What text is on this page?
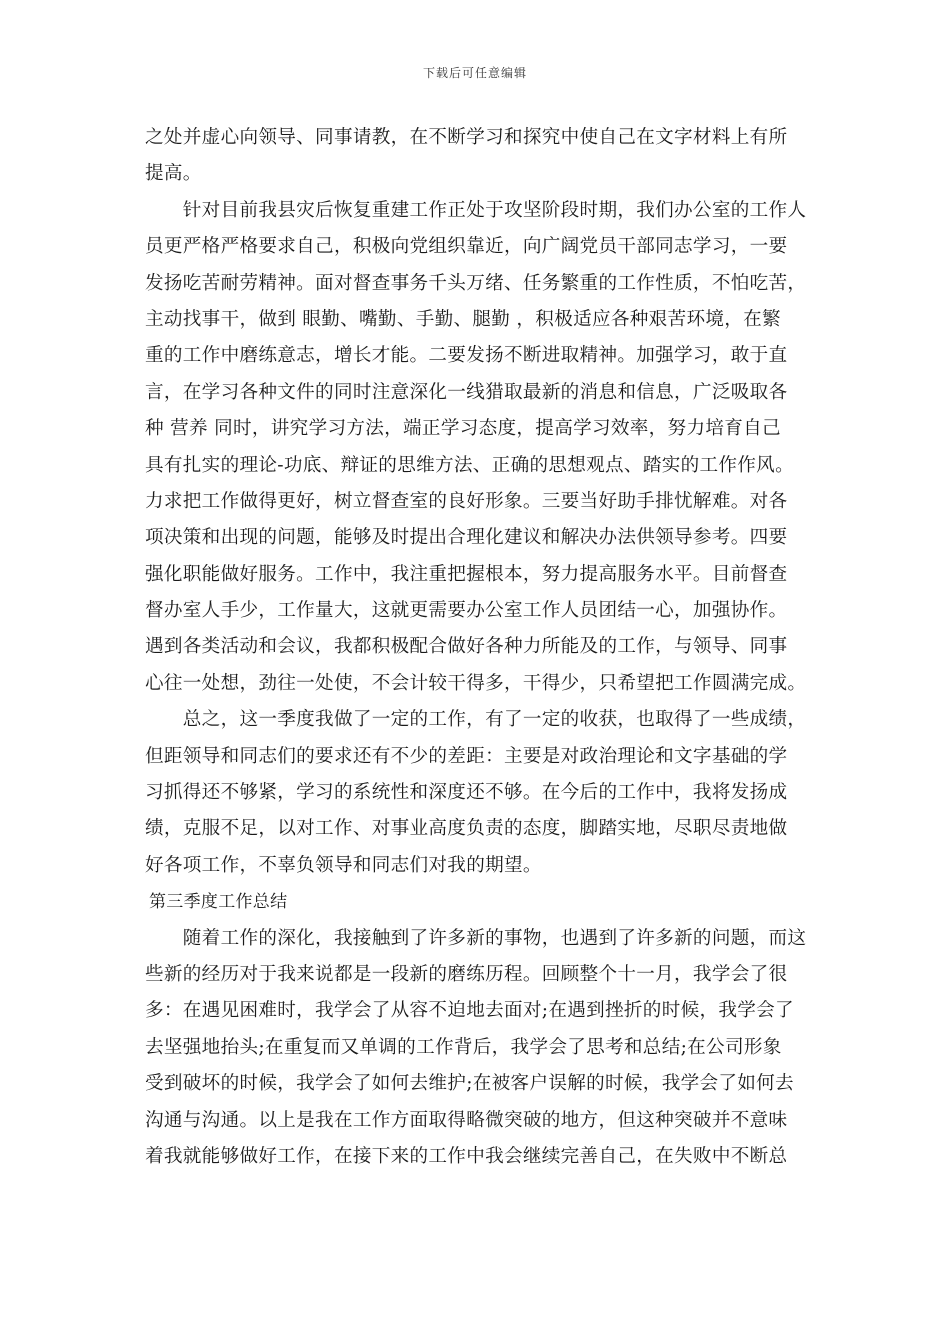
下载后可任意编辑
之处并虚心向领导、同事请教，在不断学习和探究中使自己在文字材料上有所
提高。
　　针对目前我县灾后恢复重建工作正处于攻坚阶段时期，我们办公室的工作人
员更严格严格要求自己，积极向党组织靠近，向广阔党员干部同志学习，一要
发扬吃苦耐劳精神。面对督查事务千头万绪、任务繁重的工作性质，不怕吃苦，
主动找事干，做到 眼勤、嘴勤、手勤、腿勤 ，积极适应各种艰苦环境，在繁
重的工作中磨练意志，增长才能。二要发扬不断进取精神。加强学习，敢于直
言，在学习各种文件的同时注意深化一线猎取最新的消息和信息，广泛吸取各
种 营养 同时，讲究学习方法，端正学习态度，提高学习效率，努力培育自己
具有扎实的理论-功底、辩证的思维方法、正确的思想观点、踏实的工作作风。
力求把工作做得更好，树立督查室的良好形象。三要当好助手排忧解难。对各
项决策和出现的问题，能够及时提出合理化建议和解决办法供领导参考。四要
强化职能做好服务。工作中，我注重把握根本，努力提高服务水平。目前督查
督办室人手少，工作量大，这就更需要办公室工作人员团结一心，加强协作。
遇到各类活动和会议，我都积极配合做好各种力所能及的工作，与领导、同事
心往一处想，劲往一处使，不会计较干得多，干得少，只希望把工作圆满完成。
　　总之，这一季度我做了一定的工作，有了一定的收获，也取得了一些成绩，
但距领导和同志们的要求还有不少的差距：主要是对政治理论和文字基础的学
习抓得还不够紧，学习的系统性和深度还不够。在今后的工作中，我将发扬成
绩，克服不足，以对工作、对事业高度负责的态度，脚踏实地，尽职尽责地做
好各项工作，不辜负领导和同志们对我的期望。
第三季度工作总结
　　随着工作的深化，我接触到了许多新的事物，也遇到了许多新的问题，而这
些新的经历对于我来说都是一段新的磨练历程。回顾整个十一月，我学会了很
多：在遇见困难时，我学会了从容不迫地去面对;在遇到挫折的时候，我学会了
去坚强地抬头;在重复而又单调的工作背后，我学会了思考和总结;在公司形象
受到破坏的时候，我学会了如何去维护;在被客户误解的时候，我学会了如何去
沟通与沟通。以上是我在工作方面取得略微突破的地方，但这种突破并不意味
着我就能够做好工作，在接下来的工作中我会继续完善自己，在失败中不断总
